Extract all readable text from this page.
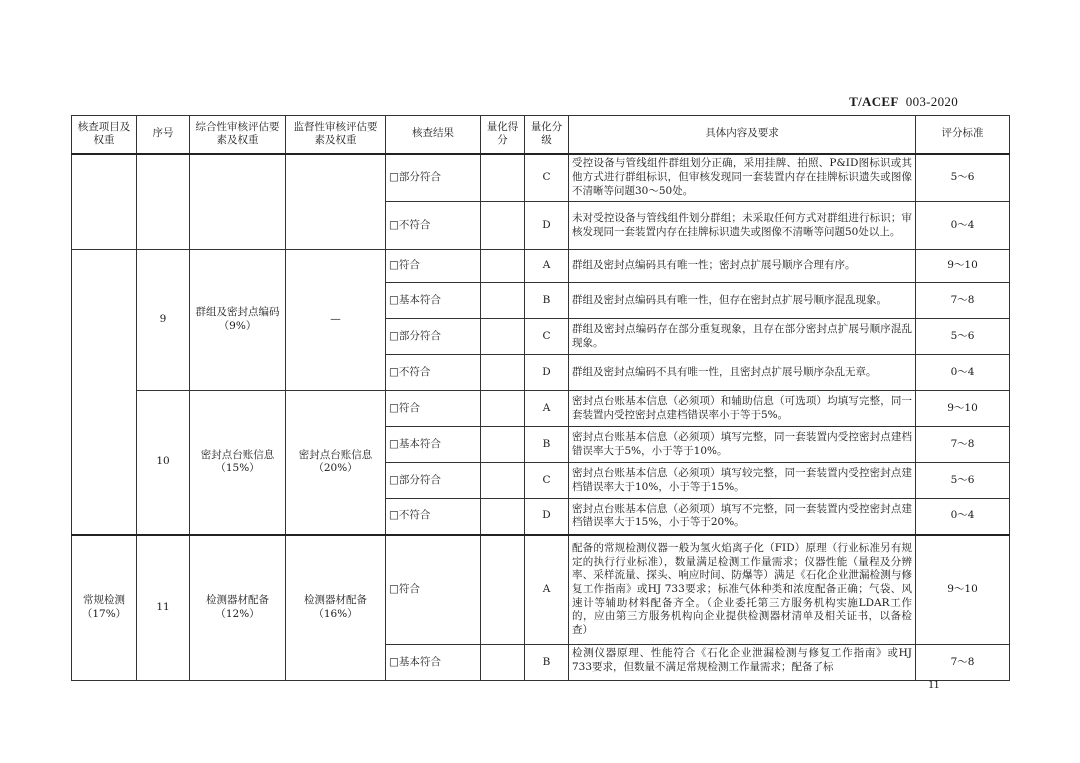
T/ACEF 003-2020
核查项目及权重	序号	综合性审核评估要素及权重	监督性审核评估要素及权重	核查结果	量化得分	量化分级	具体内容及要求	评分标准
				□部分符合		C	受控设备与管线组件群组划分正确，采用挂牌、拍照、P&ID图标识或其他方式进行群组标识，但审核发现同一套装置内存在挂牌标识遗失或图像不清晰等问题30～50处。	5～6
				□不符合		D	未对受控设备与管线组件划分群组；未采取任何方式对群组进行标识；审核发现同一套装置内存在挂牌标识遗失或图像不清晰等问题50处以上。	0～4
	9	群组及密封点编码（9%）	—	□符合		A	群组及密封点编码具有唯一性；密封点扩展号顺序合理有序。	9～10
				□基本符合		B	群组及密封点编码具有唯一性，但存在密封点扩展号顺序混乱现象。	7～8
				□部分符合		C	群组及密封点编码存在部分重复现象，且存在部分密封点扩展号顺序混乱现象。	5～6
				□不符合		D	群组及密封点编码不具有唯一性，且密封点扩展号顺序杂乱无章。	0～4
	10	密封点台账信息（15%）	密封点台账信息（20%）	□符合		A	密封点台账基本信息（必须项）和辅助信息（可选项）均填写完整，同一套装置内受控密封点建档错误率小于等于5%。	9～10
				□基本符合		B	密封点台账基本信息（必须项）填写完整，同一套装置内受控密封点建档错误率大于5%，小于等于10%。	7～8
				□部分符合		C	密封点台账基本信息（必须项）填写较完整，同一套装置内受控密封点建档错误率大于10%，小于等于15%。	5～6
				□不符合		D	密封点台账基本信息（必须项）填写不完整，同一套装置内受控密封点建档错误率大于15%，小于等于20%。	0～4
常规检测（17%）	11	检测器材配备（12%）	检测器材配备（16%）	□符合		A	配备的常规检测仪器一般为氢火焰离子化（FID）原理（行业标准另有规定的执行行业标准），数量满足检测工作量需求；仪器性能（量程及分辨率、采样流量、探头、响应时间、防爆等）满足《石化企业泄漏检测与修复工作指南》或HJ 733要求；标准气体种类和浓度配备正确；气袋、风速计等辅助材料配备齐全。（企业委托第三方服务机构实施LDAR工作的，应由第三方服务机构向企业提供检测器材清单及相关证书，以备检查）	9～10
				□基本符合		B	检测仪器原理、性能符合《石化企业泄漏检测与修复工作指南》或HJ 733要求，但数量不满足常规检测工作量需求；配备了标	7～8
11
